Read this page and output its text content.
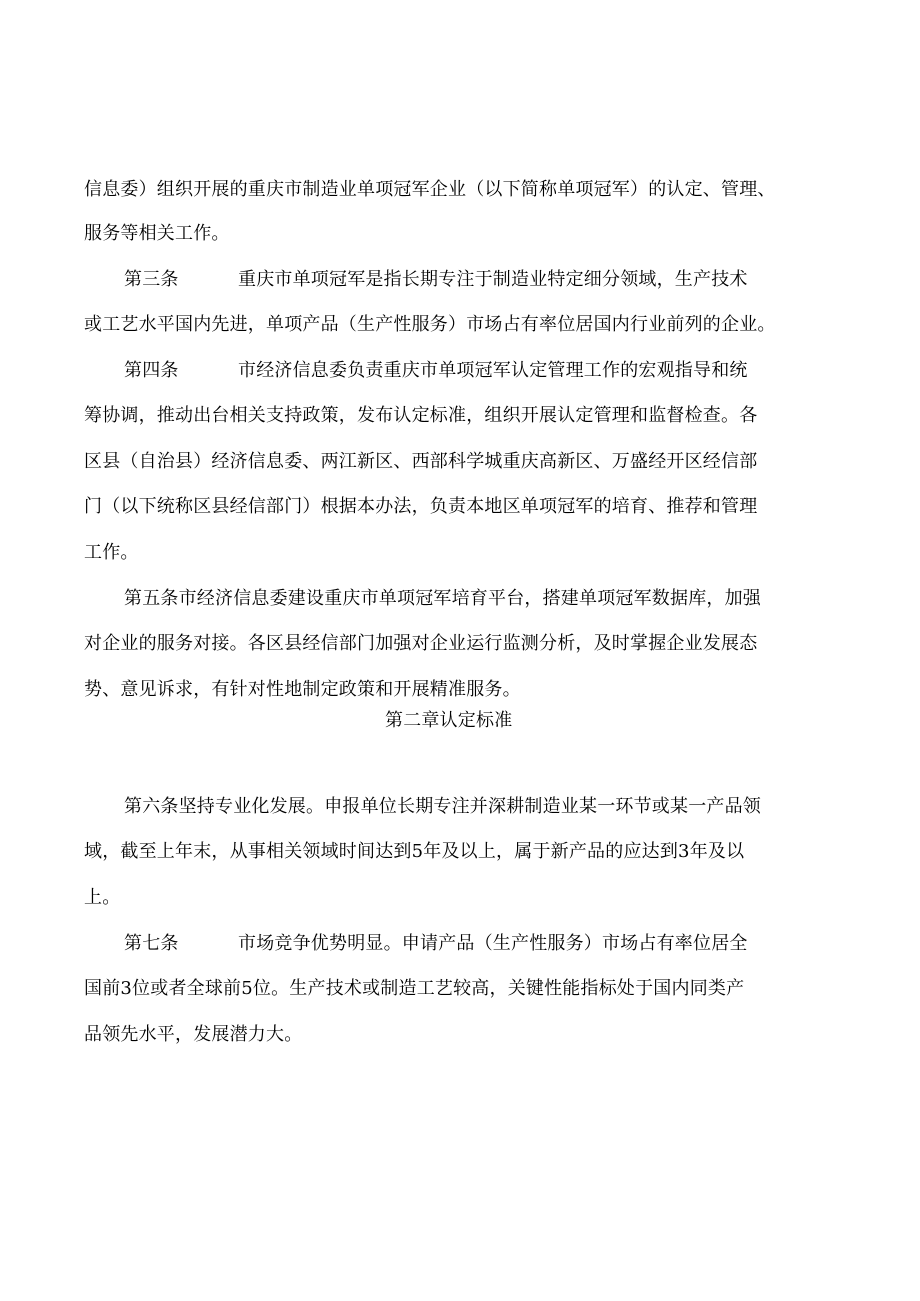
信息委）组织开展的重庆市制造业单项冠军企业（以下简称单项冠军）的认定、管理、
服务等相关工作。
第三条	重庆市单项冠军是指长期专注于制造业特定细分领域，生产技术
或工艺水平国内先进，单项产品（生产性服务）市场占有率位居国内行业前列的企业。
第四条	市经济信息委负责重庆市单项冠军认定管理工作的宏观指导和统
筹协调，推动出台相关支持政策，发布认定标准，组织开展认定管理和监督检查。各
区县（自治县）经济信息委、两江新区、西部科学城重庆高新区、万盛经开区经信部
门（以下统称区县经信部门）根据本办法，负责本地区单项冠军的培育、推荐和管理
工作。
第五条市经济信息委建设重庆市单项冠军培育平台，搭建单项冠军数据库，加强
对企业的服务对接。各区县经信部门加强对企业运行监测分析，及时掌握企业发展态
势、意见诉求，有针对性地制定政策和开展精准服务。
第二章认定标准
第六条坚持专业化发展。申报单位长期专注并深耕制造业某一环节或某一产品领
域，截至上年末，从事相关领域时间达到5年及以上，属于新产品的应达到3年及以
上。
第七条	市场竞争优势明显。申请产品（生产性服务）市场占有率位居全
国前3位或者全球前5位。生产技术或制造工艺较高，关键性能指标处于国内同类产
品领先水平，发展潜力大。
